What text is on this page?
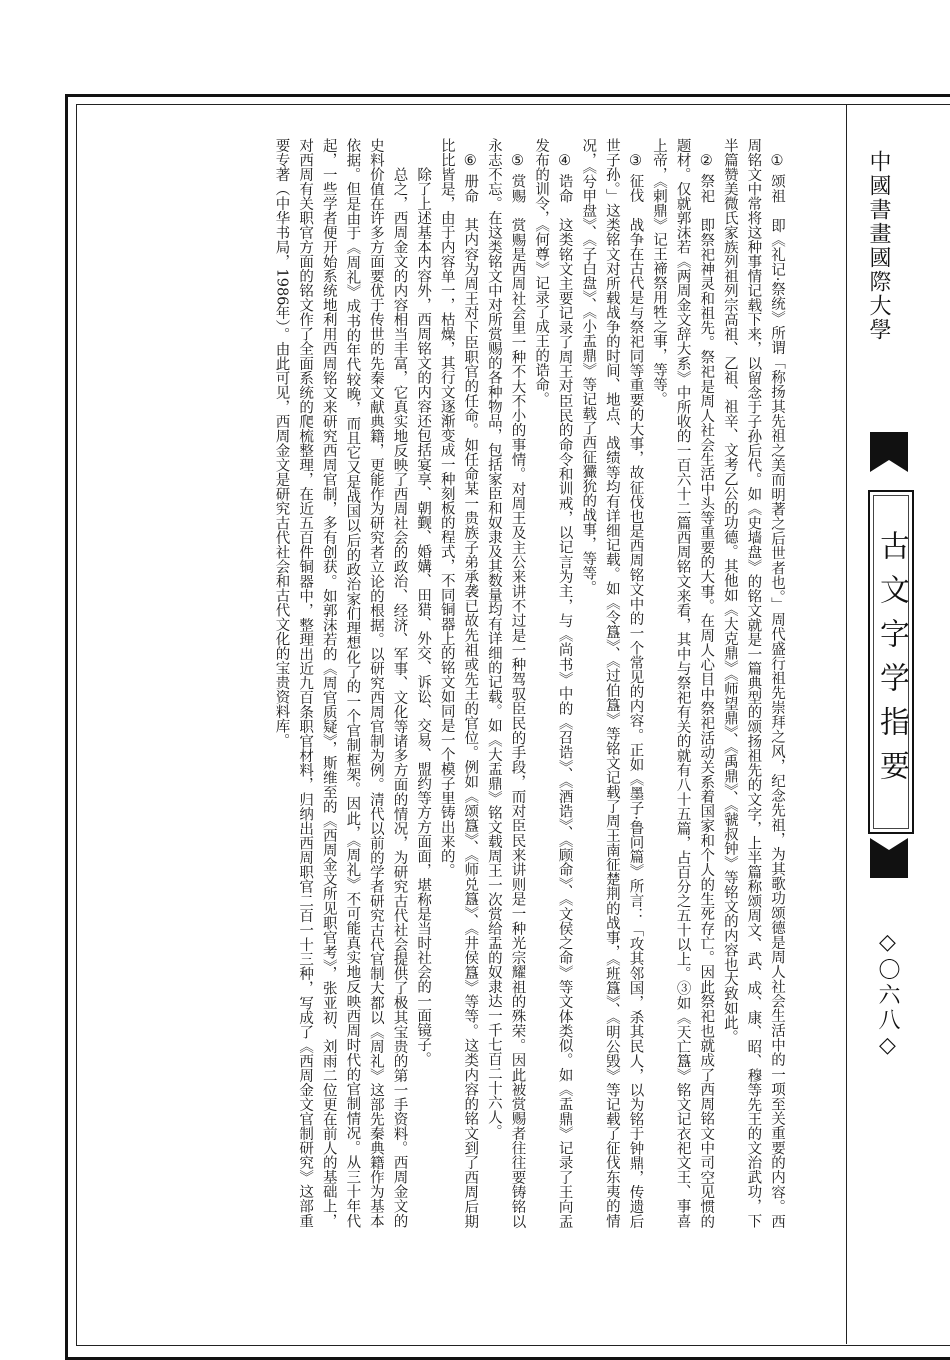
中國書畫國際大學
古文字学指要
◇〇六八◇

① 颂祖　即《礼记·祭统》所谓「称扬其先祖之美而明著之后世者也。」周代盛行祖先崇拜之风，纪念先祖，为其歌功颂德是周人社会生活中的一项至关重要的内容。西周铭文中常将这种事情记载下来，以留念于子孙后代。如《史墙盘》的铭文就是一篇典型的颂扬祖先的文字，上半篇称颂周文、武、成、康、昭、穆等先王的文治武功，下半篇赞美微氏家族列祖列宗高祖、乙祖、祖辛、文考乙公的功德。其他如《大克鼎》《师望鼎》、《禹鼎》、《虢叔钟》等铭文的内容也大致如此。

② 祭祀　即祭祀神灵和祖先。祭祀是周人社会生活中头等重要的大事。在周人心目中祭祀活动关系着国家和个人的生死存亡。因此祭祀也就成了西周铭文中司空见惯的题材。仅就郭沫若《两周金文辞大系》中所收的一百六十二篇西周铭文来看，其中与祭祀有关的就有八十五篇，占百分之五十以上。③如《天亡簋》铭文记衣祀文王、事喜上帝，《剌鼎》记王禘祭用牲之事，等等。

③ 征伐　战争在古代是与祭祀同等重要的大事，故征伐也是西周铭文中的一个常见的内容。正如《墨子·鲁问篇》所言：「攻其邻国，杀其民人，以为铭于钟鼎，传遗后世子孙。」这类铭文对所载战争的时间、地点、战绩等均有详细记载。如《令簋》、《过伯簋》等铭文记载了周王南征楚荆的战事，《班簋》、《明公毁》等记载了征伐东夷的情况，《兮甲盘》、《子白盘》、《小盂鼎》等记载了西征玁狁的战事，等等。

④ 诰命　这类铭文主要记录了周王对臣民的命令和训戒，以记言为主，与《尚书》中的《召诰》、《酒诰》、《顾命》、《文侯之命》等文体类似。如《盂鼎》记录了王向盂发布的训令，《何尊》记录了成王的诰命。

⑤ 赏赐　赏赐是西周社会里一种不大不小的事情。对周王及主公来讲不过是一种驾驭臣民的手段，而对臣民来讲则是一种光宗耀祖的殊荣。因此被赏赐者往往要铸铭以永志不忘。在这类铭文中对所赏赐的各种物品，包括家臣和奴隶及其数量均有详细的记载。如《大盂鼎》铭文载周王一次赏给盂的奴隶达一千七百二十六人。

⑥ 册命　其内容为周王对下臣职官的任命。如任命某一贵族子弟承袭已故先祖或先王的官位。例如《颂簋》、《师兑簋》、《井侯簋》等等。这类内容的铭文到了西周后期比比皆是，由于内容单一，枯燥，其行文逐渐变成一种刻板的程式，不同铜器上的铭文如同是一个模子里铸出来的。

除了上述基本内容外，西周铭文的内容还包括宴享、朝觐、婚媾、田猎、外交、诉讼、交易、盟约等方方面面，堪称是当时社会的一面镜子。

总之，西周金文的内容相当丰富，它真实地反映了西周社会的政治、经济、军事、文化等诸多方面的情况，为研究古代社会提供了极其宝贵的第一手资料。西周金文的史料价值在许多方面要优于传世的先秦文献典籍，更能作为研究者立论的根据。以研究西周官制为例。清代以前的学者研究古代官制大都以《周礼》这部先秦典籍作为基本依据。但是由于《周礼》成书的年代较晚，而且它又是战国以后的政治家们理想化了的一个官制框架。因此，《周礼》不可能真实地反映西周时代的官制情况。从三十年代起，一些学者便开始系统地利用西周铭文来研究西周官制，多有创获。如郭沫若的《周官质疑》，斯维至的《西周金文所见职官考》，张亚初、刘雨二位更在前人的基础上，对西周有关职官方面的铭文作了全面系统的爬梳整理，在近五百件铜器中，整理出近九百条职官材料，归纳出西周职官二百一十三种，写成了《西周金文官制研究》这部重要专著（中华书局，1986年）。由此可见，西周金文是研究古代社会和古代文化的宝贵资料库。
